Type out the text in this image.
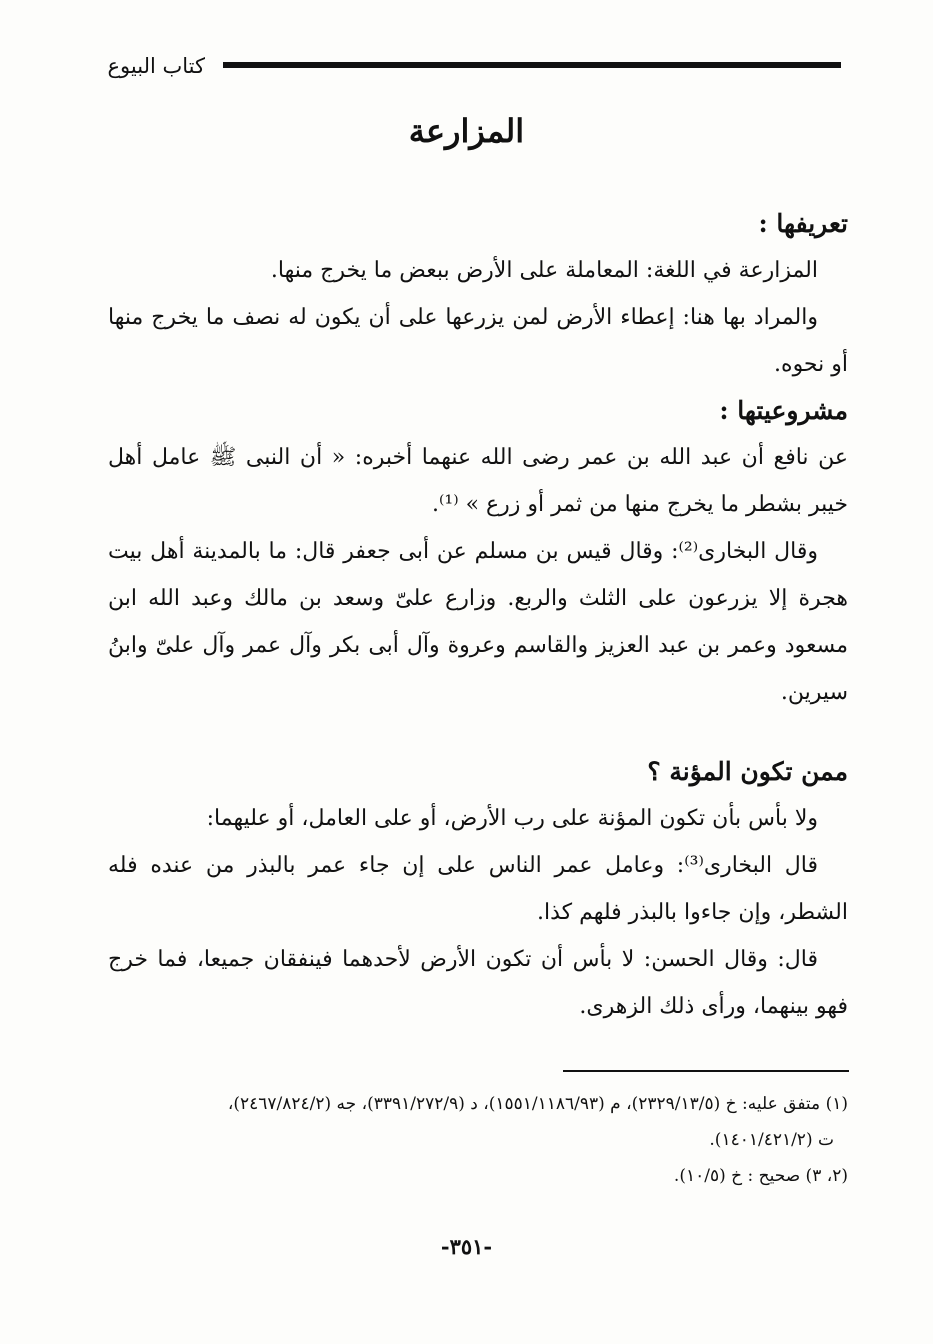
كتاب البيوع
المزارعة

تعريفها :

المزارعة في اللغة: المعاملة على الأرض ببعض ما يخرج منها.

والمراد بها هنا: إعطاء الأرض لمن يزرعها على أن يكون له نصف ما يخرج منها أو نحوه.

مشروعيتها :

عن نافع أن عبد الله بن عمر رضى الله عنهما أخبره: « أن النبى ﷺ عامل أهل خيبر بشطر ما يخرج منها من ثمر أو زرع » ⁽¹⁾.

وقال البخارى⁽²⁾: وقال قيس بن مسلم عن أبى جعفر قال: ما بالمدينة أهل بيت هجرة إلا يزرعون على الثلث والربع. وزارع علىّ وسعد بن مالك وعبد الله ابن مسعود وعمر بن عبد العزيز والقاسم وعروة وآل أبى بكر وآل عمر وآل علىّ وابنُ سيرين.

ممن تكون المؤنة ؟

ولا بأس بأن تكون المؤنة على رب الأرض، أو على العامل، أو عليهما:

قال البخارى⁽³⁾: وعامل عمر الناس على إن جاء عمر بالبذر من عنده فله الشطر، وإن جاءوا بالبذر فلهم كذا.

قال: وقال الحسن: لا بأس أن تكون الأرض لأحدهما فينفقان جميعا، فما خرج فهو بينهما، ورأى ذلك الزهرى.

(١) متفق عليه: خ (٢٣٢٩/١٣/٥)، م (١٥٥١/١١٨٦/٩٣)، د (٣٣٩١/٢٧٢/٩)، جه (٢٤٦٧/٨٢٤/٢)،

ت (١٤٠١/٤٢١/٢).

(٢، ٣) صحيح : خ (١٠/٥).

-٣٥١-
